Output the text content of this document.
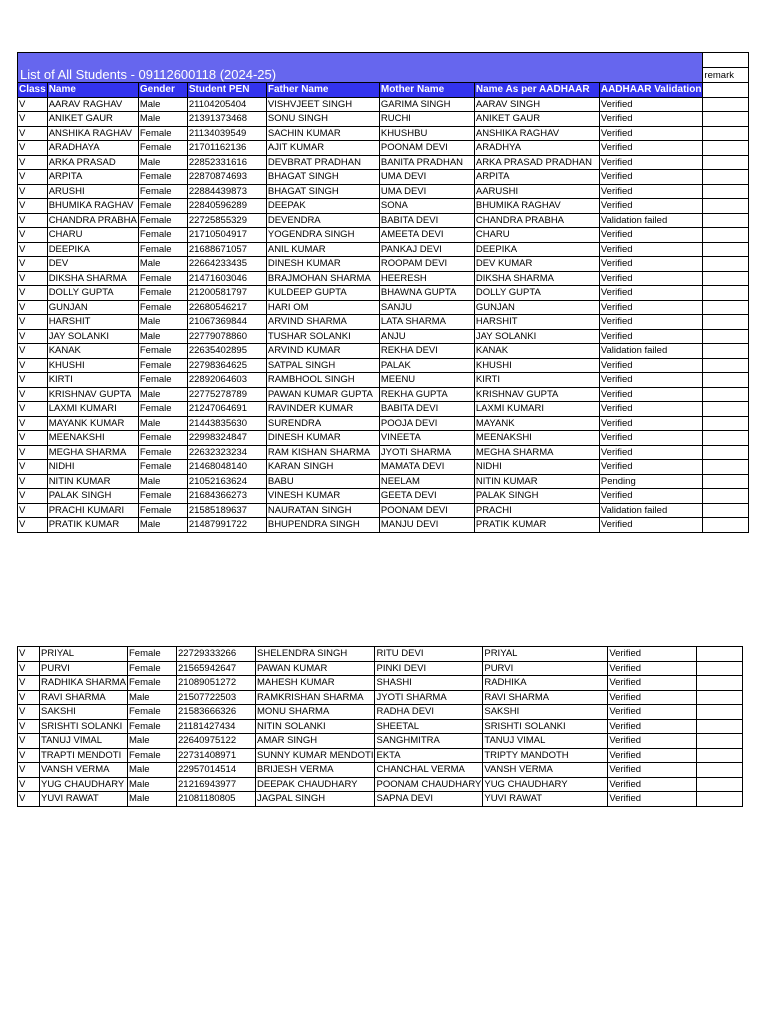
List of All Students - 09112600118 (2024-25)								
								remark
Class	Name	Gender	Student PEN	Father Name	Mother Name	Name As per AADHAAR	AADHAAR Validation	
V	AARAV RAGHAV	Male	21104205404	VISHVJEET SINGH	GARIMA SINGH	AARAV SINGH	Verified	
V	ANIKET GAUR	Male	21391373468	SONU SINGH	RUCHI	ANIKET GAUR	Verified	
V	ANSHIKA RAGHAV	Female	21134039549	SACHIN KUMAR	KHUSHBU	ANSHIKA RAGHAV	Verified	
V	ARADHAYA	Female	21701162136	AJIT KUMAR	POONAM DEVI	ARADHYA	Verified	
V	ARKA PRASAD	Male	22852331616	DEVBRAT PRADHAN	BANITA PRADHAN	ARKA PRASAD PRADHAN	Verified	
V	ARPITA	Female	22870874693	BHAGAT SINGH	UMA DEVI	ARPITA	Verified	
V	ARUSHI	Female	22884439873	BHAGAT SINGH	UMA DEVI	AARUSHI	Verified	
V	BHUMIKA RAGHAV	Female	22840596289	DEEPAK	SONA	BHUMIKA RAGHAV	Verified	
V	CHANDRA PRABHA	Female	22725855329	DEVENDRA	BABITA DEVI	CHANDRA PRABHA	Validation failed	
V	CHARU	Female	21710504917	YOGENDRA SINGH	AMEETA DEVI	CHARU	Verified	
V	DEEPIKA	Female	21688671057	ANIL KUMAR	PANKAJ DEVI	DEEPIKA	Verified	
V	DEV	Male	22664233435	DINESH KUMAR	ROOPAM DEVI	DEV KUMAR	Verified	
V	DIKSHA SHARMA	Female	21471603046	BRAJMOHAN SHARMA	HEERESH	DIKSHA SHARMA	Verified	
V	DOLLY GUPTA	Female	21200581797	KULDEEP GUPTA	BHAWNA GUPTA	DOLLY GUPTA	Verified	
V	GUNJAN	Female	22680546217	HARI OM	SANJU	GUNJAN	Verified	
V	HARSHIT	Male	21067369844	ARVIND SHARMA	LATA SHARMA	HARSHIT	Verified	
V	JAY SOLANKI	Male	22779078860	TUSHAR SOLANKI	ANJU	JAY SOLANKI	Verified	
V	KANAK	Female	22635402895	ARVIND KUMAR	REKHA DEVI	KANAK	Validation failed	
V	KHUSHI	Female	22798364625	SATPAL SINGH	PALAK	KHUSHI	Verified	
V	KIRTI	Female	22892064603	RAMBHOOL SINGH	MEENU	KIRTI	Verified	
V	KRISHNAV GUPTA	Male	22775278789	PAWAN KUMAR GUPTA	REKHA GUPTA	KRISHNAV GUPTA	Verified	
V	LAXMI KUMARI	Female	21247064691	RAVINDER KUMAR	BABITA DEVI	LAXMI KUMARI	Verified	
V	MAYANK KUMAR	Male	21443835630	SURENDRA	POOJA DEVI	MAYANK	Verified	
V	MEENAKSHI	Female	22998324847	DINESH KUMAR	VINEETA	MEENAKSHI	Verified	
V	MEGHA SHARMA	Female	22632323234	RAM KISHAN SHARMA	JYOTI SHARMA	MEGHA SHARMA	Verified	
V	NIDHI	Female	21468048140	KARAN SINGH	MAMATA DEVI	NIDHI	Verified	
V	NITIN KUMAR	Male	21052163624	BABU	NEELAM	NITIN KUMAR	Pending	
V	PALAK SINGH	Female	21684366273	VINESH KUMAR	GEETA DEVI	PALAK SINGH	Verified	
V	PRACHI KUMARI	Female	21585189637	NAURATAN SINGH	POONAM DEVI	PRACHI	Validation failed	
V	PRATIK KUMAR	Male	21487991722	BHUPENDRA SINGH	MANJU DEVI	PRATIK KUMAR	Verified	
V	PRIYAL	Female	22729333266	SHELENDRA SINGH	RITU DEVI	PRIYAL	Verified	
V	PURVI	Female	21565942647	PAWAN KUMAR	PINKI DEVI	PURVI	Verified	
V	RADHIKA SHARMA	Female	21089051272	MAHESH KUMAR	SHASHI	RADHIKA	Verified	
V	RAVI SHARMA	Male	21507722503	RAMKRISHAN SHARMA	JYOTI SHARMA	RAVI SHARMA	Verified	
V	SAKSHI	Female	21583666326	MONU SHARMA	RADHA DEVI	SAKSHI	Verified	
V	SRISHTI SOLANKI	Female	21181427434	NITIN SOLANKI	SHEETAL	SRISHTI SOLANKI	Verified	
V	TANUJ VIMAL	Male	22640975122	AMAR SINGH	SANGHMITRA	TANUJ VIMAL	Verified	
V	TRAPTI MENDOTI	Female	22731408971	SUNNY KUMAR MENDOTI	EKTA	TRIPTY MANDOTH	Verified	
V	VANSH VERMA	Male	22957014514	BRIJESH VERMA	CHANCHAL VERMA	VANSH VERMA	Verified	
V	YUG CHAUDHARY	Male	21216943977	DEEPAK CHAUDHARY	POONAM CHAUDHARY	YUG CHAUDHARY	Verified	
V	YUVI RAWAT	Male	21081180805	JAGPAL SINGH	SAPNA DEVI	YUVI RAWAT	Verified	
